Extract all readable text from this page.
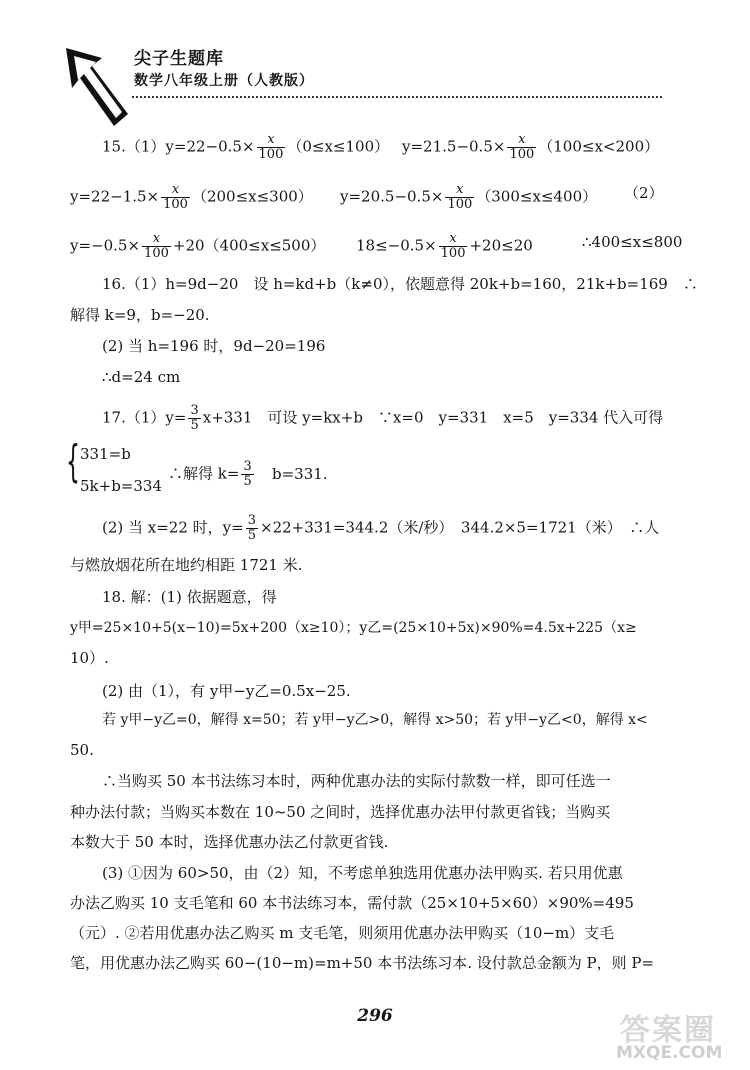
尖子生题库
数学八年级上册（人教版）
$15.(1)y=22-0.5\times \frac{x}{100} (0\le x\le 100)$ $y=21.5-0.5\times \frac{x}{100} (100\le x<200)$
$y=22-1.5\times \frac{x}{100} (200\le x\le 300)$ $y=20.5-0.5\times \frac{x}{100} (300\le x\le 400)$ （2）
$y=-0.5\times \frac{x}{100} +20(400\le x\le 500)$ $18\le-0.5\times \frac{x}{100} +20\le 20$	∴400≤x≤800
16.（1）h=9d−20　设 h=kd+b（k≠0），依题意得 20k+b=160，21k+b=169　∴
解得 k=9，b=−20.
(2) 当 h=196 时，9d−20=196
∴d=24 cm
$17.(1)y= \frac{3}{5} x+331$　可设 y=kx+b　∵x=0　y=331　x=5　y=334 代入可得
{ 331=b
5k+b=334
∴解得 $k= \frac{3}{5} b=331$.
(2) 当 x=22 时，$y= \frac{3}{5} \times 22+331=344.2$（米/秒）　344.2×5=1721（米）　∴人
与燃放烟花所在地约相距 1721 米.
18. 解：(1) 依据题意，得
y甲=25×10+5(x−10)=5x+200（x≥10）；y乙=(25×10+5x)×90%=4.5x+225（x≥
10）.
(2) 由（1），有 y甲−y乙=0.5x−25.
若 y甲−y乙=0，解得 x=50；若 y甲−y乙>0，解得 x>50；若 y甲−y乙<0，解得 x<
50.
∴当购买 50 本书法练习本时，两种优惠办法的实际付款数一样，即可任选一
种办法付款；当购买本数在 10~50 之间时，选择优惠办法甲付款更省钱；当购买
本数大于 50 本时，选择优惠办法乙付款更省钱.
(3) ①因为 60>50，由（2）知，不考虑单独选用优惠办法甲购买. 若只用优惠
办法乙购买 10 支毛笔和 60 本书法练习本，需付款（25×10+5×60）×90%=495
（元）. ②若用优惠办法乙购买 m 支毛笔，则须用优惠办法甲购买（10−m）支毛
笔，用优惠办法乙购买 60−(10−m)=m+50 本书法练习本. 设付款总金额为 P，则 P=
296	答案圈
MXQE.COM
